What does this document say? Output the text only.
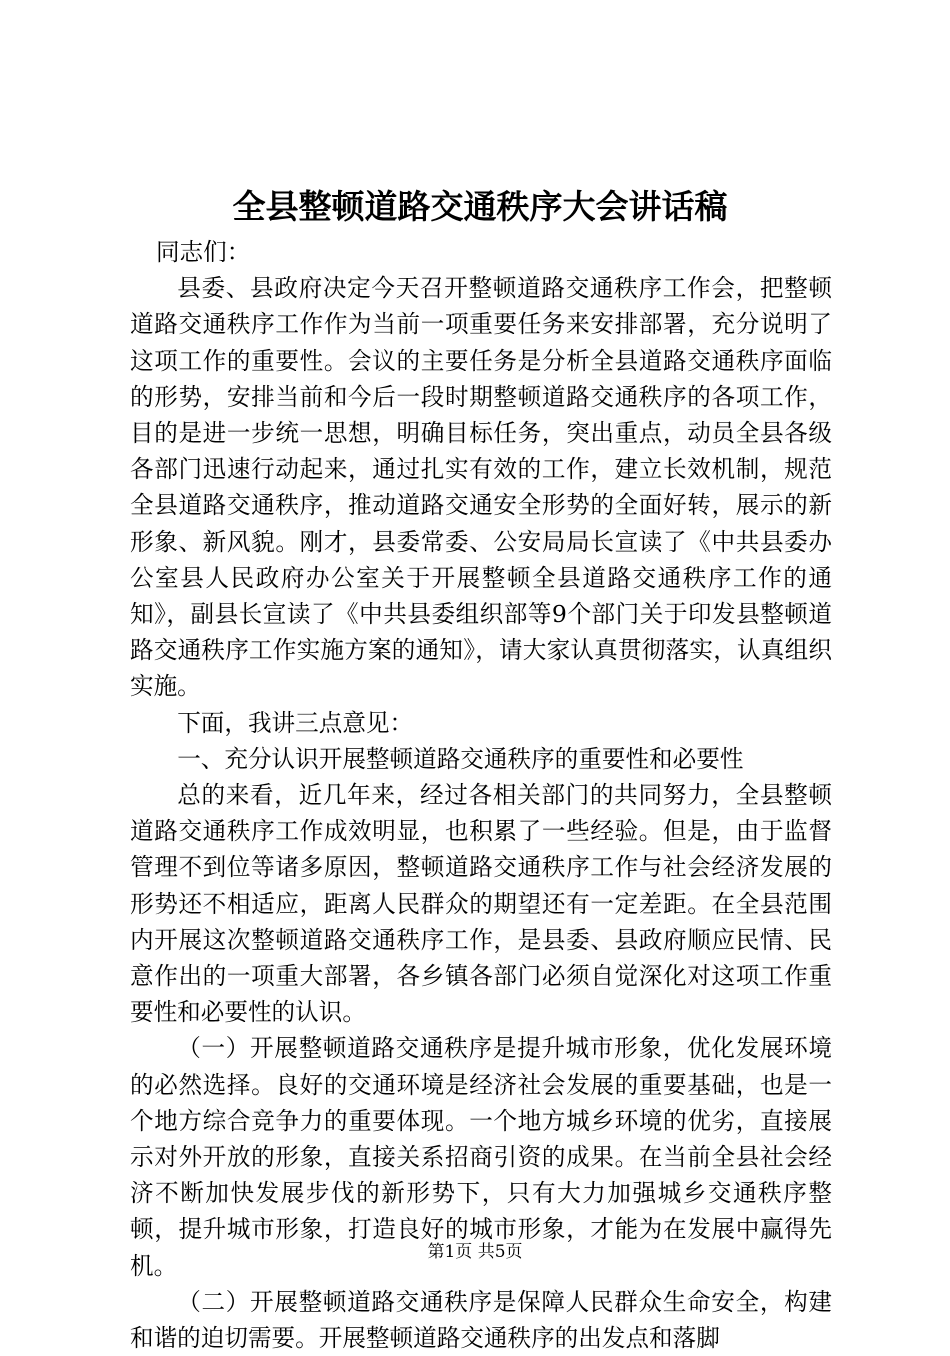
全县整顿道路交通秩序大会讲话稿

同志们：

县委、县政府决定今天召开整顿道路交通秩序工作会，把整顿道路交通秩序工作作为当前一项重要任务来安排部署，充分说明了这项工作的重要性。会议的主要任务是分析全县道路交通秩序面临的形势，安排当前和今后一段时期整顿道路交通秩序的各项工作，目的是进一步统一思想，明确目标任务，突出重点，动员全县各级各部门迅速行动起来，通过扎实有效的工作，建立长效机制，规范全县道路交通秩序，推动道路交通安全形势的全面好转，展示的新形象、新风貌。刚才，县委常委、公安局局长宣读了《中共县委办公室县人民政府办公室关于开展整顿全县道路交通秩序工作的通知》，副县长宣读了《中共县委组织部等9个部门关于印发县整顿道路交通秩序工作实施方案的通知》，请大家认真贯彻落实，认真组织实施。

下面，我讲三点意见：

一、充分认识开展整顿道路交通秩序的重要性和必要性

总的来看，近几年来，经过各相关部门的共同努力，全县整顿道路交通秩序工作成效明显，也积累了一些经验。但是，由于监督管理不到位等诸多原因，整顿道路交通秩序工作与社会经济发展的形势还不相适应，距离人民群众的期望还有一定差距。在全县范围内开展这次整顿道路交通秩序工作，是县委、县政府顺应民情、民意作出的一项重大部署，各乡镇各部门必须自觉深化对这项工作重要性和必要性的认识。

（一）开展整顿道路交通秩序是提升城市形象，优化发展环境的必然选择。良好的交通环境是经济社会发展的重要基础，也是一个地方综合竞争力的重要体现。一个地方城乡环境的优劣，直接展示对外开放的形象，直接关系招商引资的成果。在当前全县社会经济不断加快发展步伐的新形势下，只有大力加强城乡交通秩序整顿，提升城市形象，打造良好的城市形象，才能为在发展中赢得先机。

（二）开展整顿道路交通秩序是保障人民群众生命安全，构建和谐的迫切需要。开展整顿道路交通秩序的出发点和落脚

第1页 共5页
